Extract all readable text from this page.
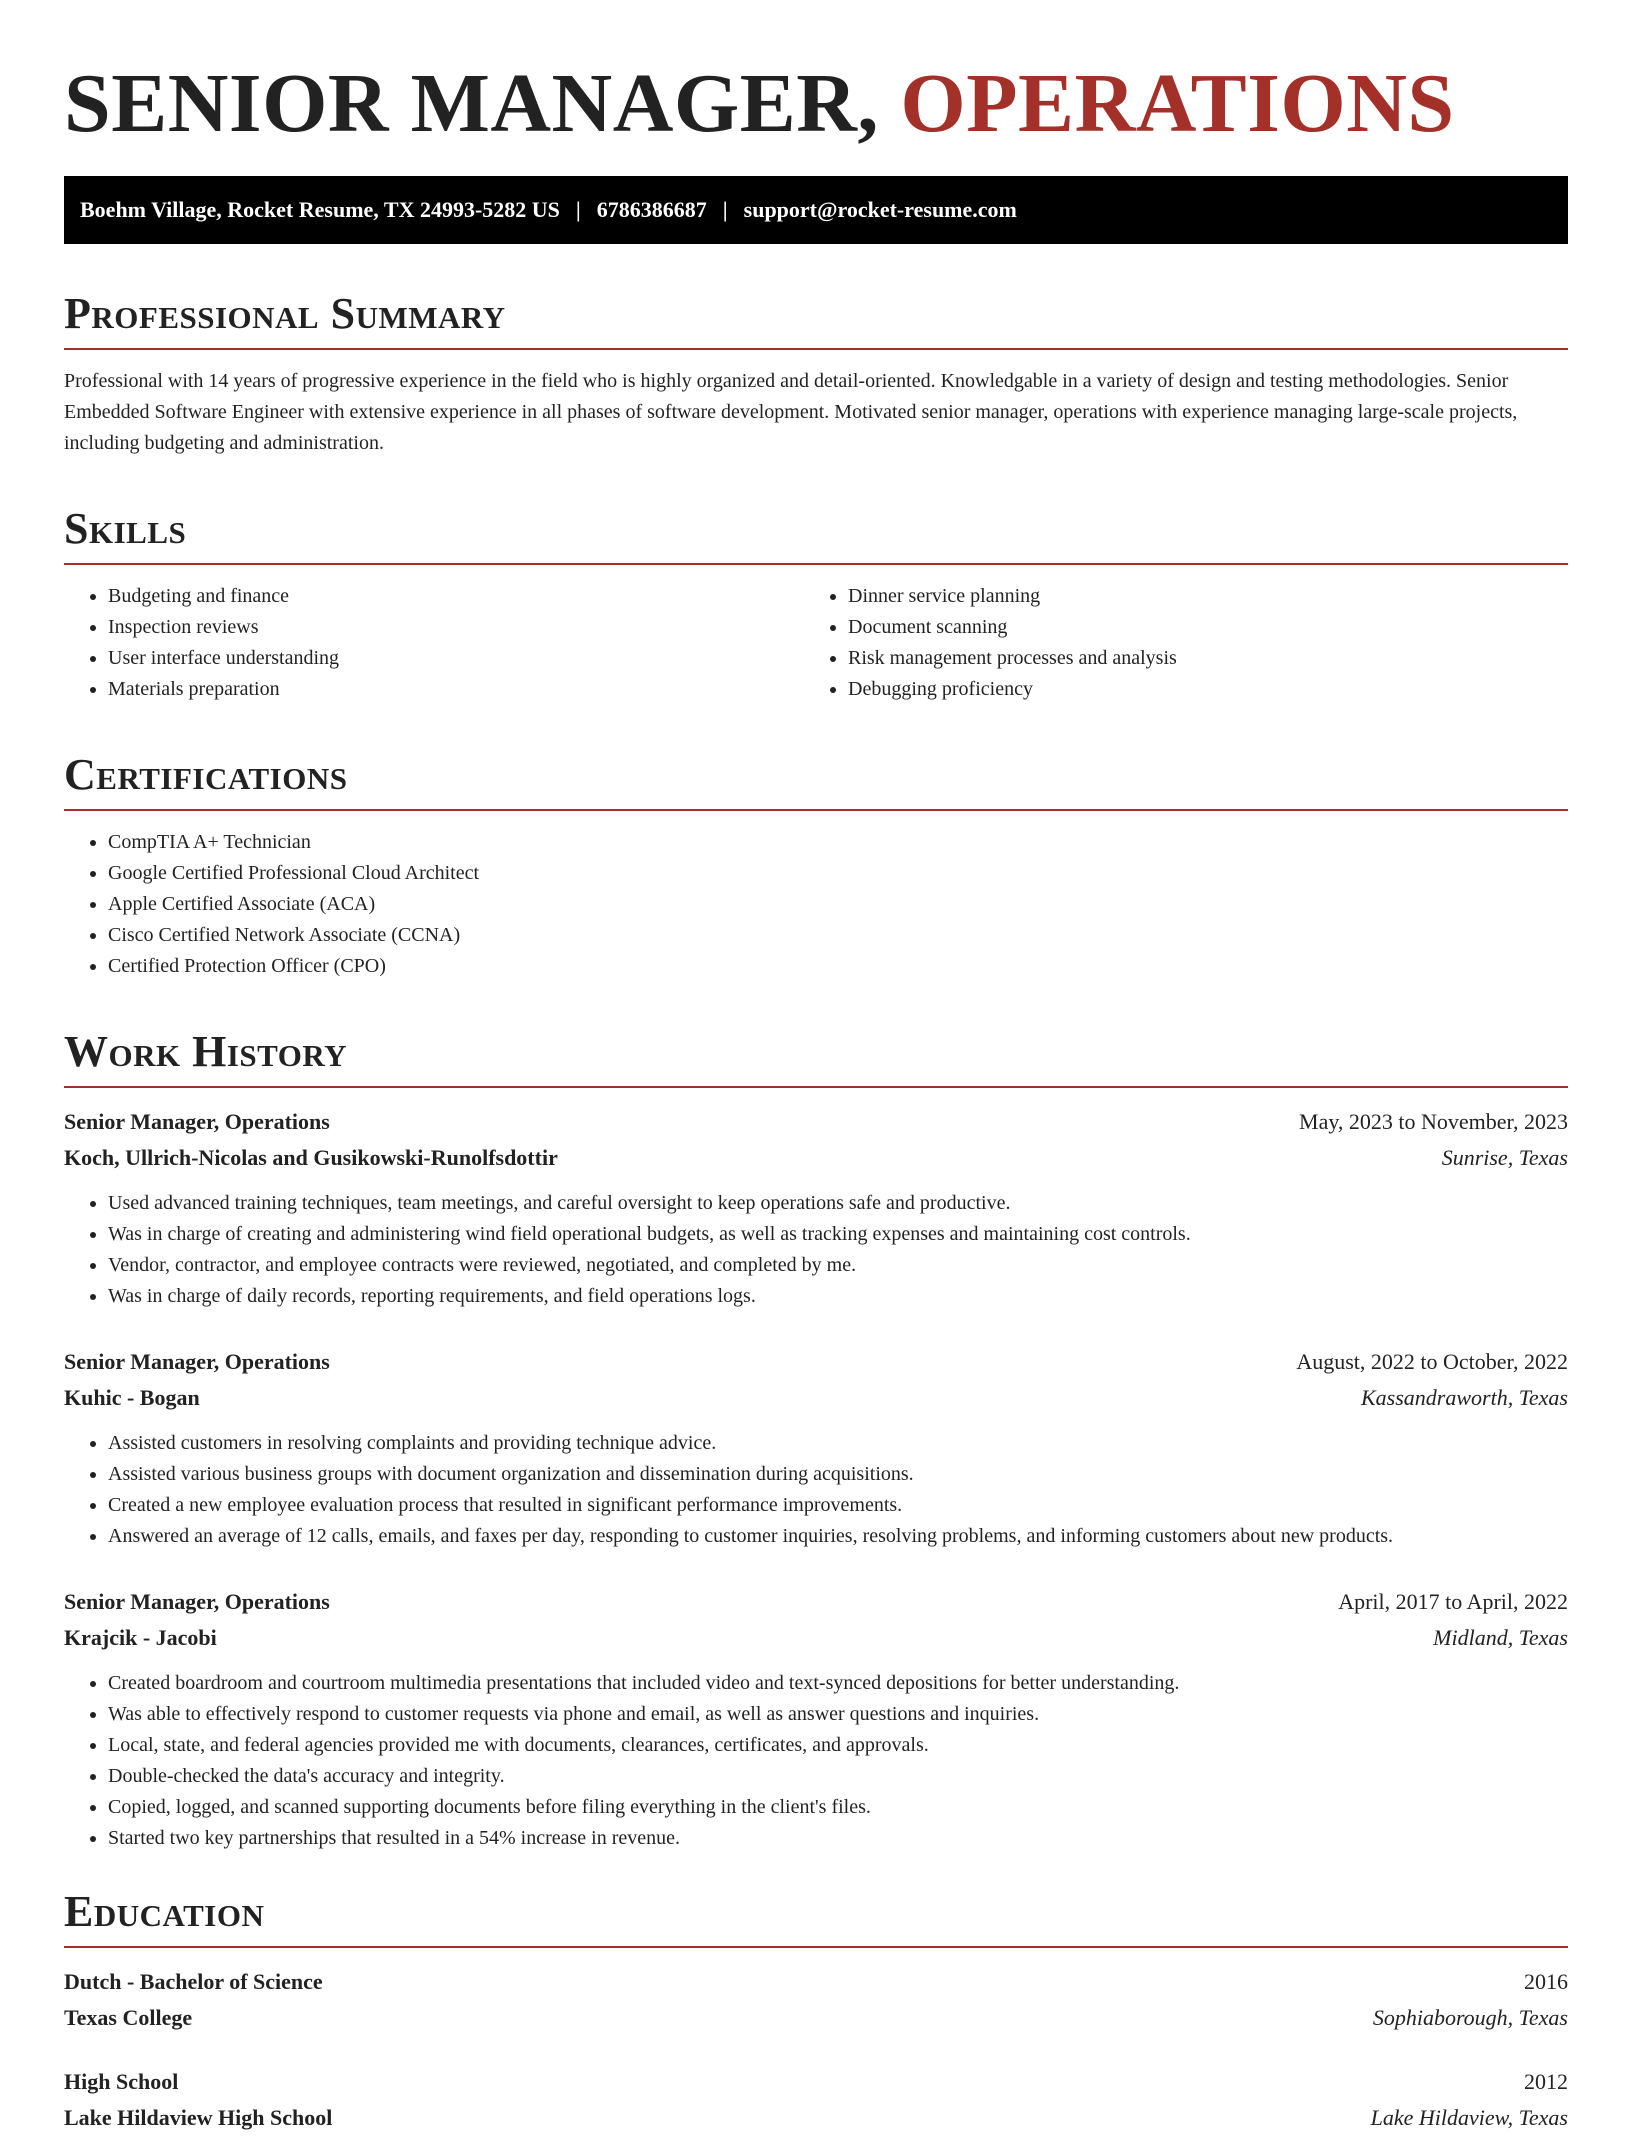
SENIOR MANAGER, OPERATIONS
Boehm Village, Rocket Resume, TX 24993-5282 US | 6786386687 | support@rocket-resume.com
Professional Summary

Professional with 14 years of progressive experience in the field who is highly organized and detail-oriented. Knowledgable in a variety of design and testing methodologies. Senior Embedded Software Engineer with extensive experience in all phases of software development. Motivated senior manager, operations with experience managing large-scale projects, including budgeting and administration.

Skills
• Budgeting and finance
• Inspection reviews
• User interface understanding
• Materials preparation
• Dinner service planning
• Document scanning
• Risk management processes and analysis
• Debugging proficiency
Certifications
• CompTIA A+ Technician
• Google Certified Professional Cloud Architect
• Apple Certified Associate (ACA)
• Cisco Certified Network Associate (CCNA)
• Certified Protection Officer (CPO)
Work History
Senior Manager, Operations	May, 2023 to November, 2023
Koch, Ullrich-Nicolas and Gusikowski-Runolfsdottir	Sunrise, Texas
• Used advanced training techniques, team meetings, and careful oversight to keep operations safe and productive.
• Was in charge of creating and administering wind field operational budgets, as well as tracking expenses and maintaining cost controls.
• Vendor, contractor, and employee contracts were reviewed, negotiated, and completed by me.
• Was in charge of daily records, reporting requirements, and field operations logs.
Senior Manager, Operations	August, 2022 to October, 2022
Kuhic - Bogan	Kassandraworth, Texas
• Assisted customers in resolving complaints and providing technique advice.
• Assisted various business groups with document organization and dissemination during acquisitions.
• Created a new employee evaluation process that resulted in significant performance improvements.
• Answered an average of 12 calls, emails, and faxes per day, responding to customer inquiries, resolving problems, and informing customers about new products.
Senior Manager, Operations	April, 2017 to April, 2022
Krajcik - Jacobi	Midland, Texas
• Created boardroom and courtroom multimedia presentations that included video and text-synced depositions for better understanding.
• Was able to effectively respond to customer requests via phone and email, as well as answer questions and inquiries.
• Local, state, and federal agencies provided me with documents, clearances, certificates, and approvals.
• Double-checked the data's accuracy and integrity.
• Copied, logged, and scanned supporting documents before filing everything in the client's files.
• Started two key partnerships that resulted in a 54% increase in revenue.
Education
Dutch - Bachelor of Science	2016
Texas College	Sophiaborough, Texas
High School	2012
Lake Hildaview High School	Lake Hildaview, Texas
